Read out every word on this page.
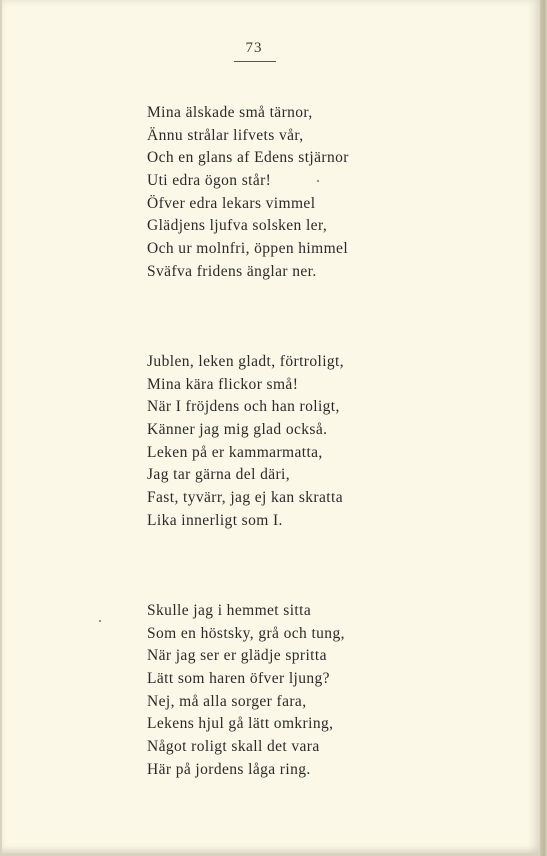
73
Mina älskade små tärnor,
Ännu strålar lifvets vår,
Och en glans af Edens stjärnor
Uti edra ögon står!
Öfver edra lekars vimmel
Glädjens ljufva solsken ler,
Och ur molnfri, öppen himmel
Sväfva fridens änglar ner.
Jublen, leken gladt, förtroligt,
Mina kära flickor små!
När I fröjdens och han roligt,
Känner jag mig glad också.
Leken på er kammarmatta,
Jag tar gärna del däri,
Fast, tyvärr, jag ej kan skratta
Lika innerligt som I.
Skulle jag i hemmet sitta
Som en höstsky, grå och tung,
När jag ser er glädje spritta
Lätt som haren öfver ljung?
Nej, må alla sorger fara,
Lekens hjul gå lätt omkring,
Något roligt skall det vara
Här på jordens låga ring.
